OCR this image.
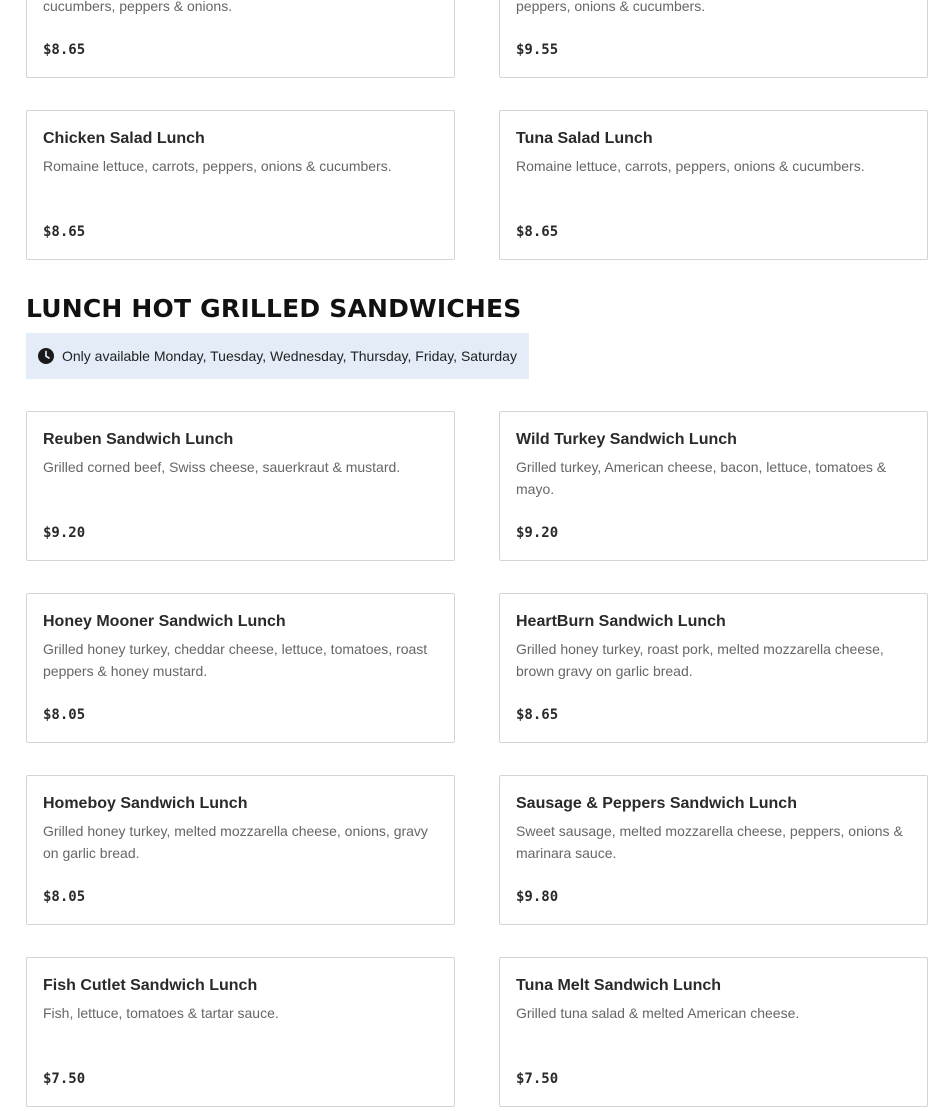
cucumbers, peppers & onions.
$8.65
peppers, onions & cucumbers.
$9.55
Chicken Salad Lunch
Romaine lettuce, carrots, peppers, onions & cucumbers.
$8.65
Tuna Salad Lunch
Romaine lettuce, carrots, peppers, onions & cucumbers.
$8.65
LUNCH HOT GRILLED SANDWICHES
Only available Monday, Tuesday, Wednesday, Thursday, Friday, Saturday
Reuben Sandwich Lunch
Grilled corned beef, Swiss cheese, sauerkraut & mustard.
$9.20
Wild Turkey Sandwich Lunch
Grilled turkey, American cheese, bacon, lettuce, tomatoes & mayo.
$9.20
Honey Mooner Sandwich Lunch
Grilled honey turkey, cheddar cheese, lettuce, tomatoes, roast peppers & honey mustard.
$8.05
HeartBurn Sandwich Lunch
Grilled honey turkey, roast pork, melted mozzarella cheese, brown gravy on garlic bread.
$8.65
Homeboy Sandwich Lunch
Grilled honey turkey, melted mozzarella cheese, onions, gravy on garlic bread.
$8.05
Sausage & Peppers Sandwich Lunch
Sweet sausage, melted mozzarella cheese, peppers, onions & marinara sauce.
$9.80
Fish Cutlet Sandwich Lunch
Fish, lettuce, tomatoes & tartar sauce.
$7.50
Tuna Melt Sandwich Lunch
Grilled tuna salad & melted American cheese.
$7.50
